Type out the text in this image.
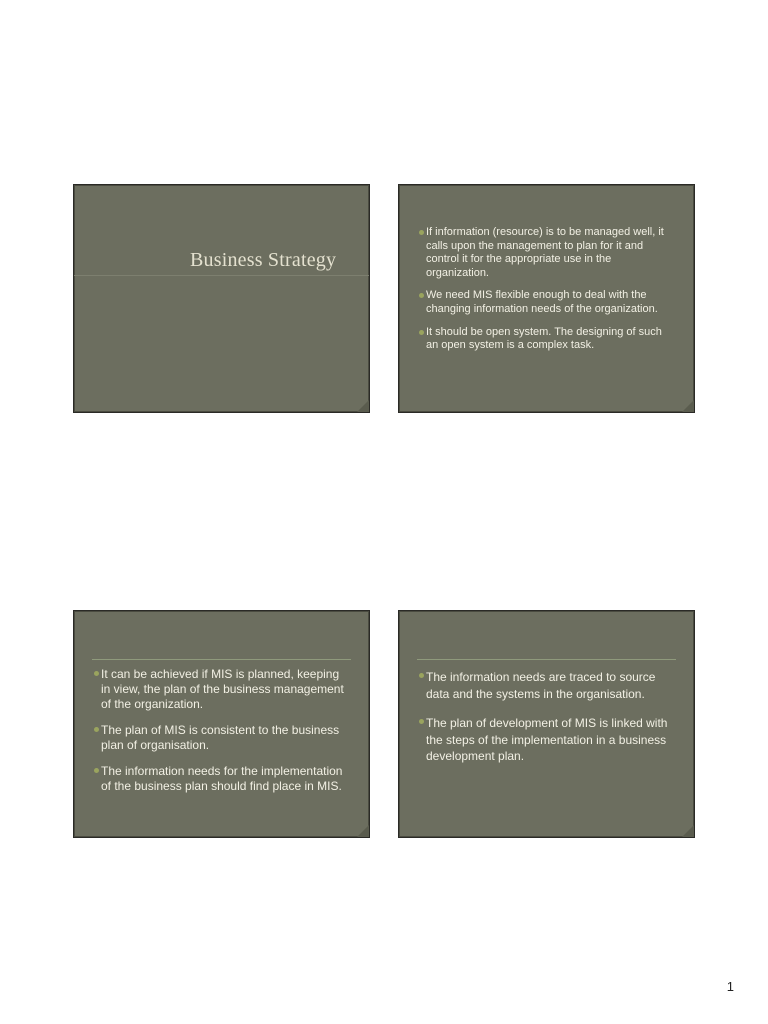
Business Strategy
If information (resource) is to be managed well, it calls upon the management to plan for it and control it for the appropriate use in the organization.
We need MIS flexible enough to deal with the changing information needs of the organization.
It should be open system. The designing of such an open system is a complex task.
It can be achieved if MIS is planned, keeping in view, the plan of the business management of the organization.
The plan of MIS is consistent to the business plan of organisation.
The information needs for the implementation of the business plan should find place in MIS.
The information needs are traced to source data and the systems in the organisation.
The plan of development of MIS is linked with the steps of the implementation in a business development plan.
1
